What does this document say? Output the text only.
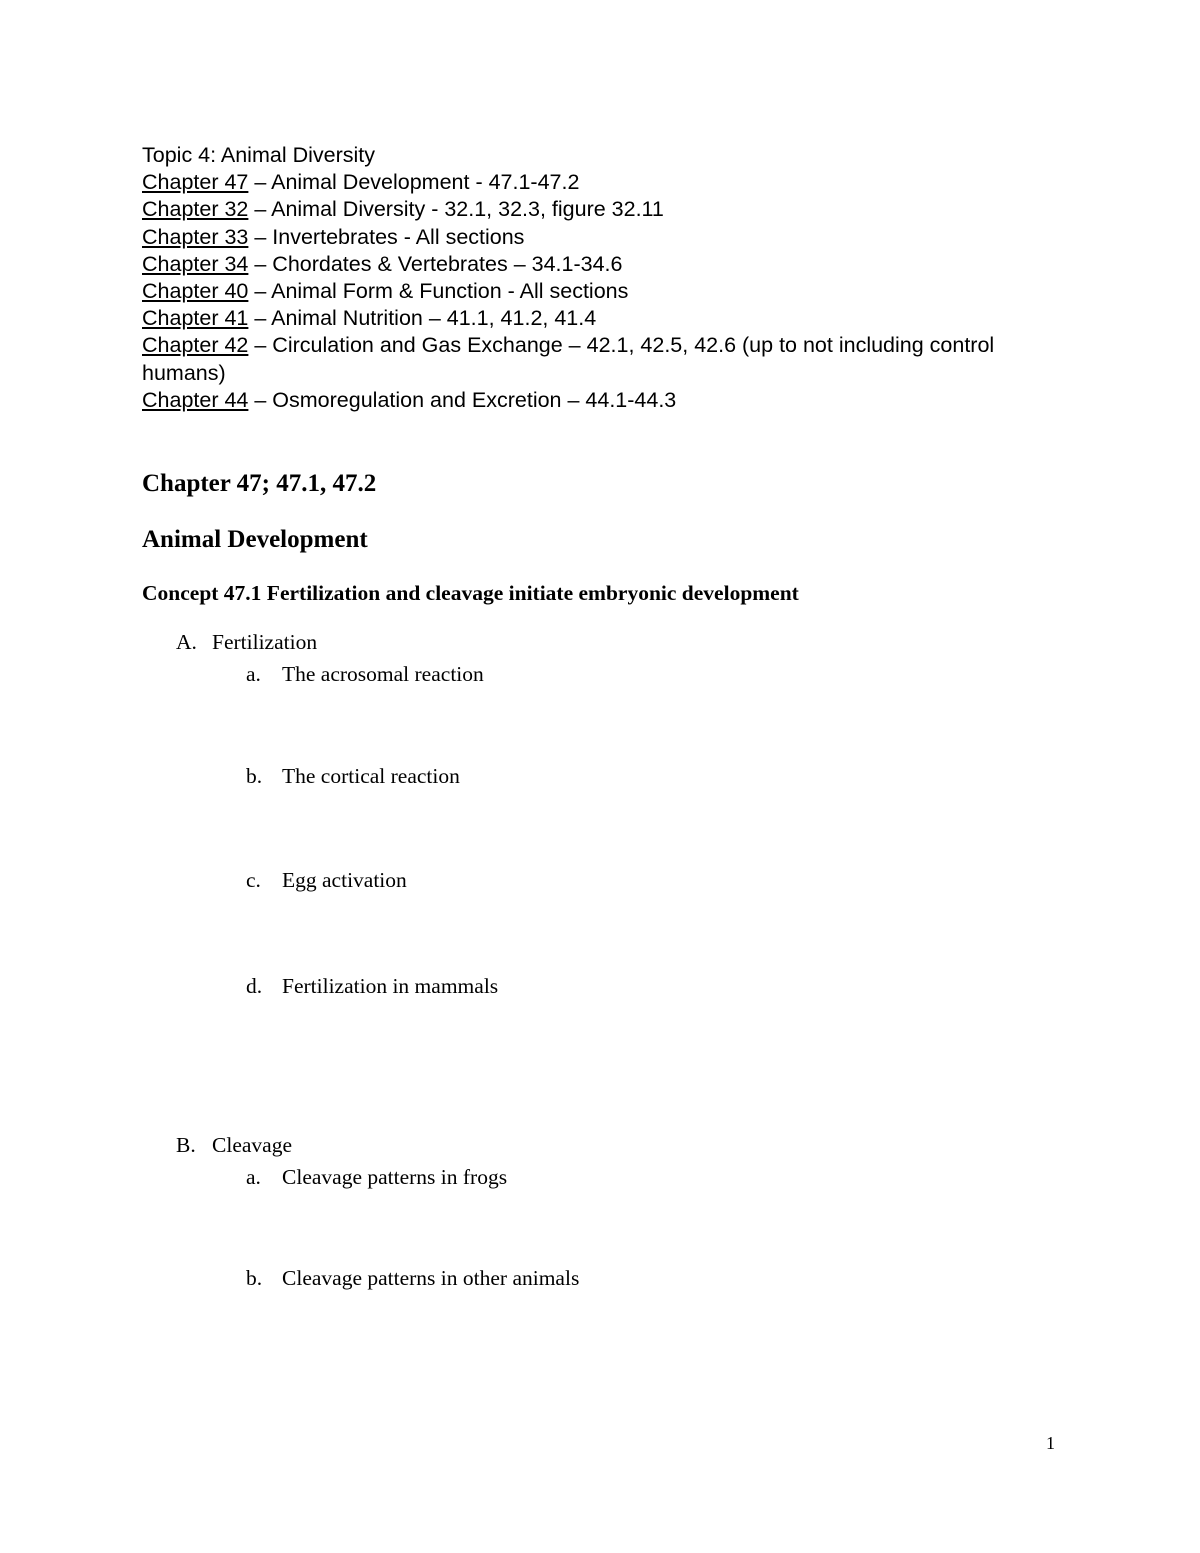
Topic 4: Animal Diversity
Chapter 47 – Animal Development - 47.1-47.2
Chapter 32 – Animal Diversity - 32.1, 32.3, figure 32.11
Chapter 33 – Invertebrates - All sections
Chapter 34 – Chordates & Vertebrates – 34.1-34.6
Chapter 40 – Animal Form & Function - All sections
Chapter 41 – Animal Nutrition – 41.1, 41.2, 41.4
Chapter 42 – Circulation and Gas Exchange – 42.1, 42.5, 42.6 (up to not including control humans)
Chapter 44 – Osmoregulation and Excretion – 44.1-44.3
Chapter 47; 47.1, 47.2
Animal Development
Concept 47.1 Fertilization and cleavage initiate embryonic development
A. Fertilization
a. The acrosomal reaction
b. The cortical reaction
c. Egg activation
d. Fertilization in mammals
B. Cleavage
a. Cleavage patterns in frogs
b. Cleavage patterns in other animals
1
